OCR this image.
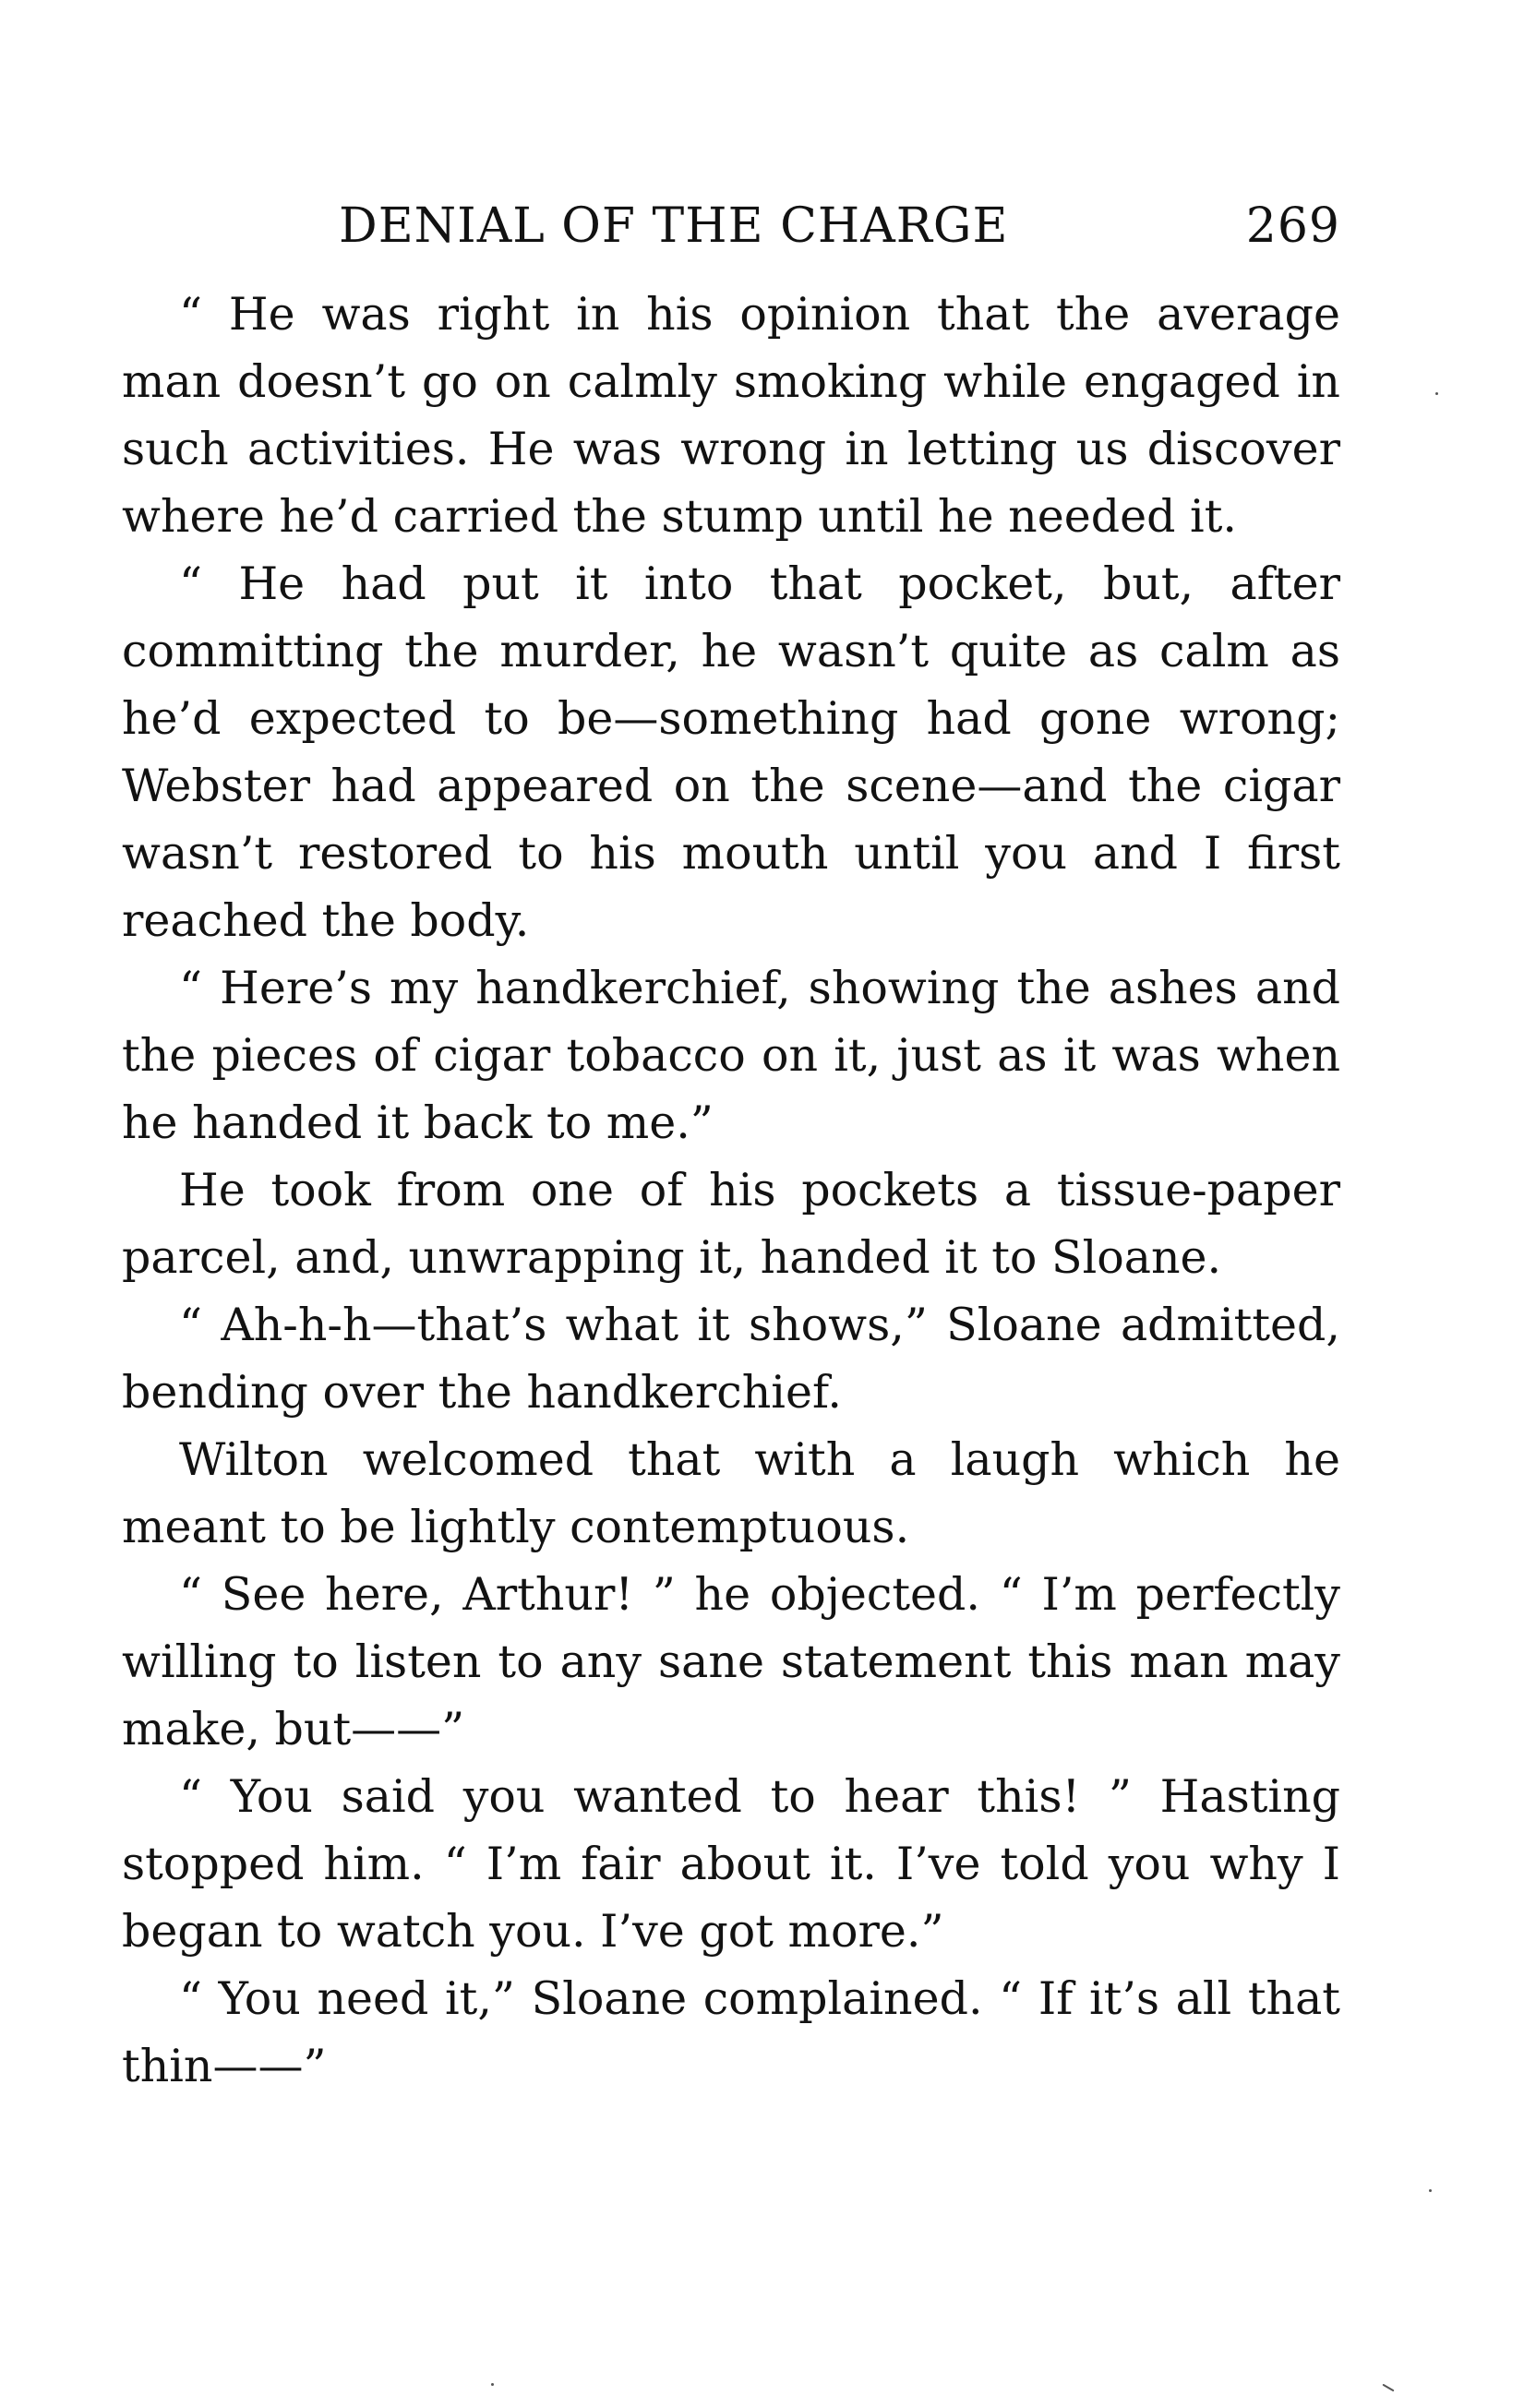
DENIAL OF THE CHARGE	269

“ He was right in his opinion that the average man doesn’t go on calmly smoking while engaged in such activities. He was wrong in letting us discover where he’d carried the stump until he needed it.

“ He had put it into that pocket, but, after committing the murder, he wasn’t quite as calm as he’d expected to be—something had gone wrong; Webster had appeared on the scene—and the cigar wasn’t restored to his mouth until you and I first reached the body.

“ Here’s my handkerchief, showing the ashes and the pieces of cigar tobacco on it, just as it was when he handed it back to me.”

He took from one of his pockets a tissue-paper parcel, and, unwrapping it, handed it to Sloane.

“ Ah-h-h—that’s what it shows,” Sloane admitted, bending over the handkerchief.

Wilton welcomed that with a laugh which he meant to be lightly contemptuous.

“ See here, Arthur! ” he objected. “ I’m perfectly willing to listen to any sane statement this man may make, but——”

“ You said you wanted to hear this! ” Hasting stopped him. “ I’m fair about it. I’ve told you why I began to watch you. I’ve got more.”

“ You need it,” Sloane complained. “ If it’s all that thin——”
